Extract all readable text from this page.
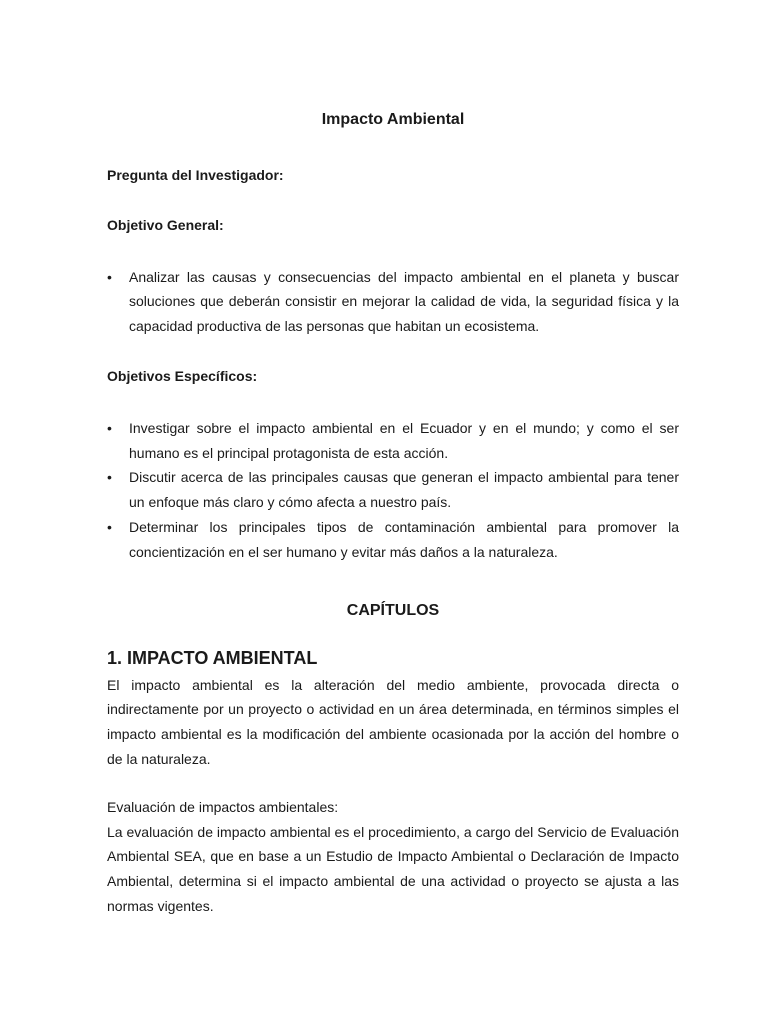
Impacto Ambiental

Pregunta del Investigador:

Objetivo General:

•	Analizar las causas y consecuencias del impacto ambiental en el planeta y buscar soluciones que deberán consistir en mejorar la calidad de vida, la seguridad física y la capacidad productiva de las personas que habitan un ecosistema.

Objetivos Específicos:

•	Investigar sobre el impacto ambiental en el Ecuador y en el mundo; y como el ser humano es el principal protagonista de esta acción.
•	Discutir acerca de las principales causas que generan el impacto ambiental para tener un enfoque más claro y cómo afecta a nuestro país.
•	Determinar los principales tipos de contaminación ambiental para promover la concientización en el ser humano y evitar más daños a la naturaleza.
CAPÍTULOS
1. IMPACTO AMBIENTAL

El impacto ambiental es la alteración del medio ambiente, provocada directa o indirectamente por un proyecto o actividad en un área determinada, en términos simples el impacto ambiental es la modificación del ambiente ocasionada por la acción del hombre o de la naturaleza.

Evaluación de impactos ambientales:

La evaluación de impacto ambiental es el procedimiento, a cargo del Servicio de Evaluación Ambiental SEA, que en base a un Estudio de Impacto Ambiental o Declaración de Impacto Ambiental, determina si el impacto ambiental de una actividad o proyecto se ajusta a las normas vigentes.
